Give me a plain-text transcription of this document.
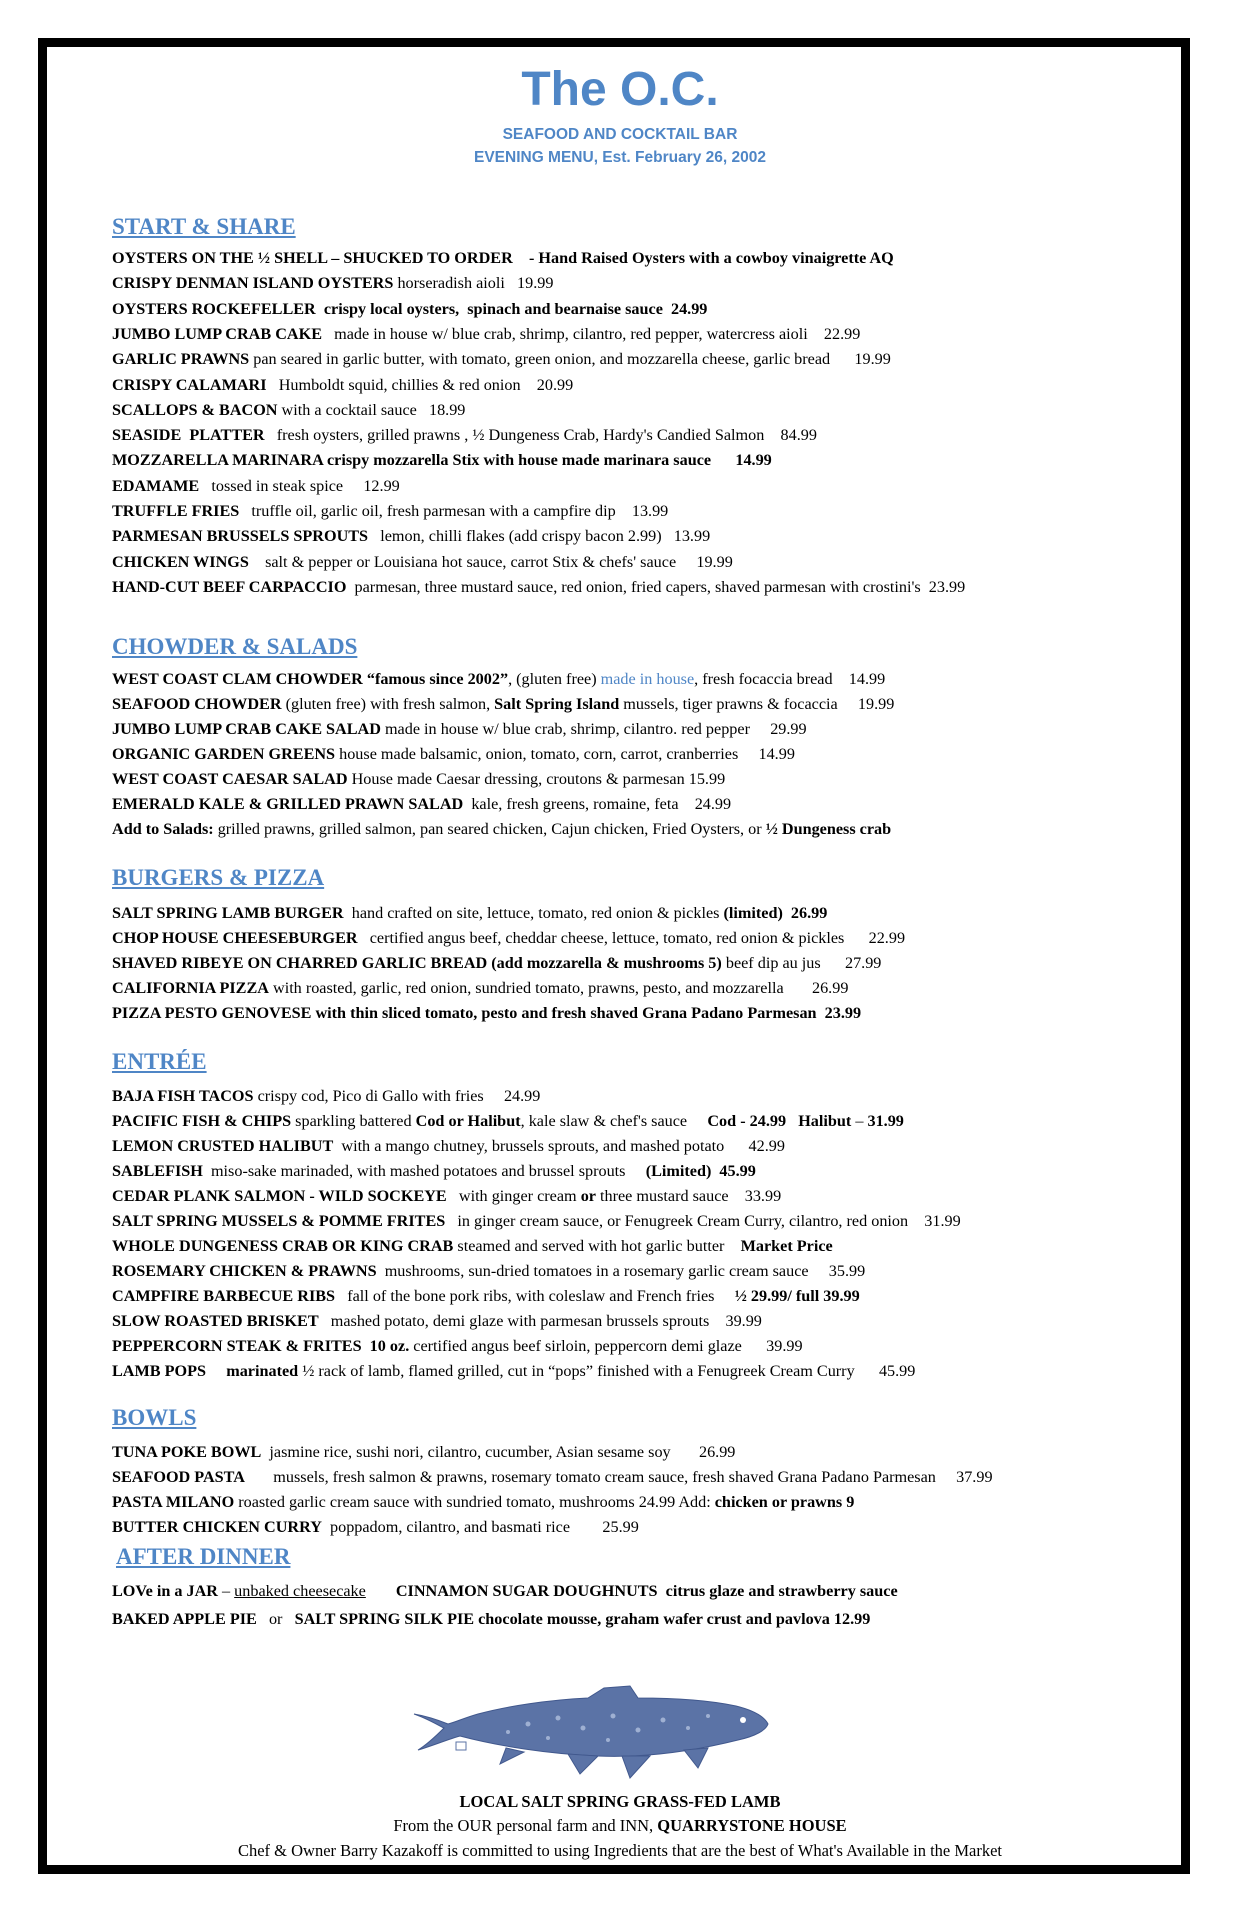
The O.C.
SEAFOOD AND COCKTAIL BAR
EVENING MENU, Est. February 26, 2002
START & SHARE
OYSTERS ON THE ½ SHELL – SHUCKED TO ORDER    - Hand Raised Oysters with a cowboy vinaigrette AQ
CRISPY DENMAN ISLAND OYSTERS horseradish aioli   19.99
OYSTERS ROCKEFELLER  crispy local oysters,  spinach and bearnaise sauce  24.99
JUMBO LUMP CRAB CAKE   made in house w/ blue crab, shrimp, cilantro, red pepper, watercress aioli    22.99
GARLIC PRAWNS pan seared in garlic butter, with tomato, green onion, and mozzarella cheese, garlic bread      19.99
CRISPY CALAMARI   Humboldt squid, chillies & red onion    20.99
SCALLOPS & BACON with a cocktail sauce   18.99
SEASIDE  PLATTER   fresh oysters, grilled prawns , ½ Dungeness Crab, Hardy's Candied Salmon    84.99
MOZZARELLA MARINARA crispy mozzarella Stix with house made marinara sauce      14.99
EDAMAME   tossed in steak spice     12.99
TRUFFLE FRIES   truffle oil, garlic oil, fresh parmesan with a campfire dip    13.99
PARMESAN BRUSSELS SPROUTS   lemon, chilli flakes (add crispy bacon 2.99)   13.99
CHICKEN WINGS    salt & pepper or Louisiana hot sauce, carrot Stix & chefs' sauce     19.99
HAND-CUT BEEF CARPACCIO  parmesan, three mustard sauce, red onion, fried capers, shaved parmesan with crostini's  23.99
CHOWDER & SALADS
WEST COAST CLAM CHOWDER “famous since 2002”, (gluten free) made in house, fresh focaccia bread    14.99
SEAFOOD CHOWDER (gluten free) with fresh salmon, Salt Spring Island mussels, tiger prawns & focaccia     19.99
JUMBO LUMP CRAB CAKE SALAD made in house w/ blue crab, shrimp, cilantro. red pepper     29.99
ORGANIC GARDEN GREENS house made balsamic, onion, tomato, corn, carrot, cranberries     14.99
WEST COAST CAESAR SALAD House made Caesar dressing, croutons & parmesan 15.99
EMERALD KALE & GRILLED PRAWN SALAD  kale, fresh greens, romaine, feta    24.99
Add to Salads: grilled prawns, grilled salmon, pan seared chicken, Cajun chicken, Fried Oysters, or ½ Dungeness crab
BURGERS & PIZZA
SALT SPRING LAMB BURGER  hand crafted on site, lettuce, tomato, red onion & pickles (limited)  26.99
CHOP HOUSE CHEESEBURGER   certified angus beef, cheddar cheese, lettuce, tomato, red onion & pickles      22.99
SHAVED RIBEYE ON CHARRED GARLIC BREAD (add mozzarella & mushrooms 5) beef dip au jus      27.99
CALIFORNIA PIZZA with roasted, garlic, red onion, sundried tomato, prawns, pesto, and mozzarella       26.99
PIZZA PESTO GENOVESE with thin sliced tomato, pesto and fresh shaved Grana Padano Parmesan  23.99
ENTRÉE
BAJA FISH TACOS crispy cod, Pico di Gallo with fries     24.99
PACIFIC FISH & CHIPS sparkling battered Cod or Halibut, kale slaw & chef's sauce     Cod - 24.99   Halibut – 31.99
LEMON CRUSTED HALIBUT  with a mango chutney, brussels sprouts, and mashed potato      42.99
SABLEFISH  miso-sake marinaded, with mashed potatoes and brussel sprouts     (Limited)  45.99
CEDAR PLANK SALMON - WILD SOCKEYE   with ginger cream or three mustard sauce    33.99
SALT SPRING MUSSELS & POMME FRITES   in ginger cream sauce, or Fenugreek Cream Curry, cilantro, red onion    31.99
WHOLE DUNGENESS CRAB OR KING CRAB steamed and served with hot garlic butter    Market Price
ROSEMARY CHICKEN & PRAWNS  mushrooms, sun-dried tomatoes in a rosemary garlic cream sauce     35.99
CAMPFIRE BARBECUE RIBS   fall of the bone pork ribs, with coleslaw and French fries     ½ 29.99/ full 39.99
SLOW ROASTED BRISKET   mashed potato, demi glaze with parmesan brussels sprouts    39.99
PEPPERCORN STEAK & FRITES  10 oz. certified angus beef sirloin, peppercorn demi glaze      39.99
LAMB POPS     marinated ½ rack of lamb, flamed grilled, cut in “pops” finished with a Fenugreek Cream Curry      45.99
BOWLS
TUNA POKE BOWL  jasmine rice, sushi nori, cilantro, cucumber, Asian sesame soy       26.99
SEAFOOD PASTA       mussels, fresh salmon & prawns, rosemary tomato cream sauce, fresh shaved Grana Padano Parmesan     37.99
PASTA MILANO roasted garlic cream sauce with sundried tomato, mushrooms 24.99 Add: chicken or prawns 9
BUTTER CHICKEN CURRY  poppadom, cilantro, and basmati rice        25.99
AFTER DINNER
LOVe in a JAR – unbaked cheesecake CINNAMON SUGAR DOUGHNUTS  citrus glaze and strawberry sauce
BAKED APPLE PIE   or   SALT SPRING SILK PIE chocolate mousse, graham wafer crust and pavlova 12.99
LOCAL SALT SPRING GRASS-FED LAMB
From the OUR personal farm and INN, QUARRYSTONE HOUSE
Chef & Owner Barry Kazakoff is committed to using Ingredients that are the best of What's Available in the Market
